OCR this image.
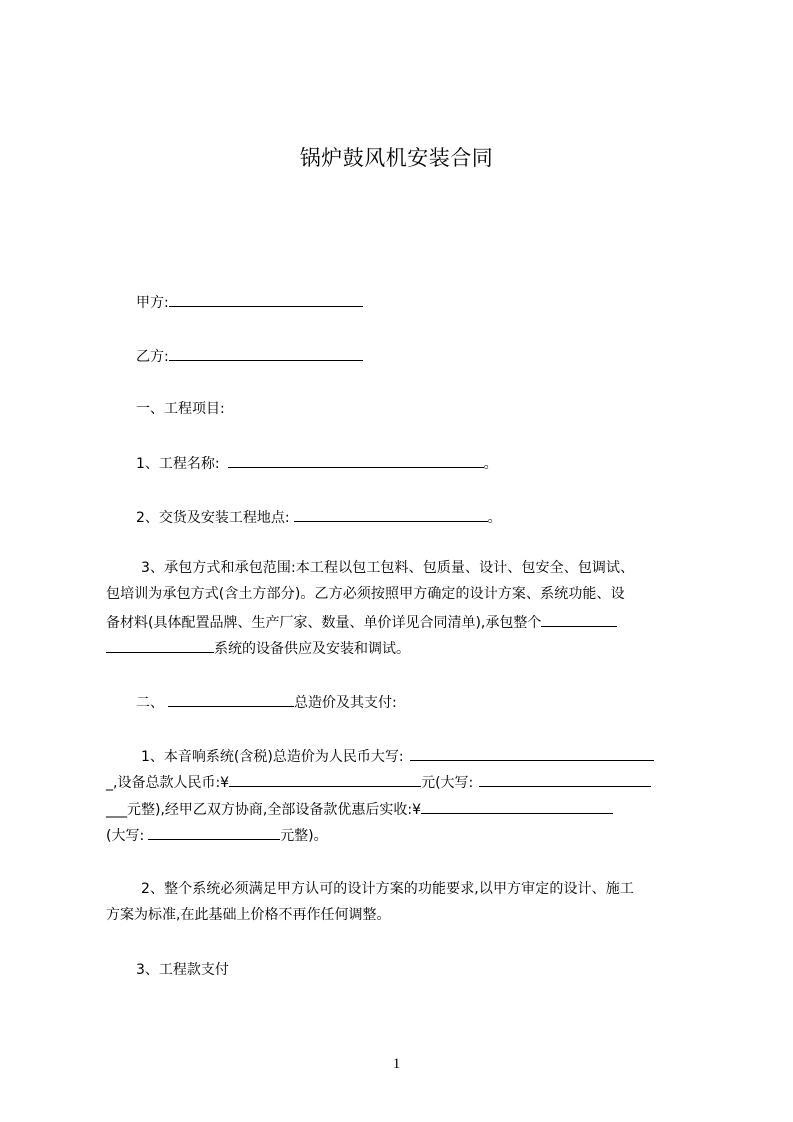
锅炉鼓风机安装合同
甲方:
乙方:
一、工程项目:
1、工程名称:	。
2、交货及安装工程地点:	。
3、承包方式和承包范围:本工程以包工包料、包质量、设计、包安全、包调试、
包培训为承包方式(含土方部分)。乙方必须按照甲方确定的设计方案、系统功能、设
备材料(具体配置品牌、生产厂家、数量、单价详见合同清单),承包整个
系统的设备供应及安装和调试。
二、	总造价及其支付:
1、本音响系统(含税)总造价为人民币大写:
_,设备总款人民币:¥	元(大写:
___元整),经甲乙双方协商,全部设备款优惠后实收:¥
(大写:	元整)。
2、整个系统必须满足甲方认可的设计方案的功能要求,以甲方审定的设计、施工
方案为标准,在此基础上价格不再作任何调整。
3、工程款支付
1
